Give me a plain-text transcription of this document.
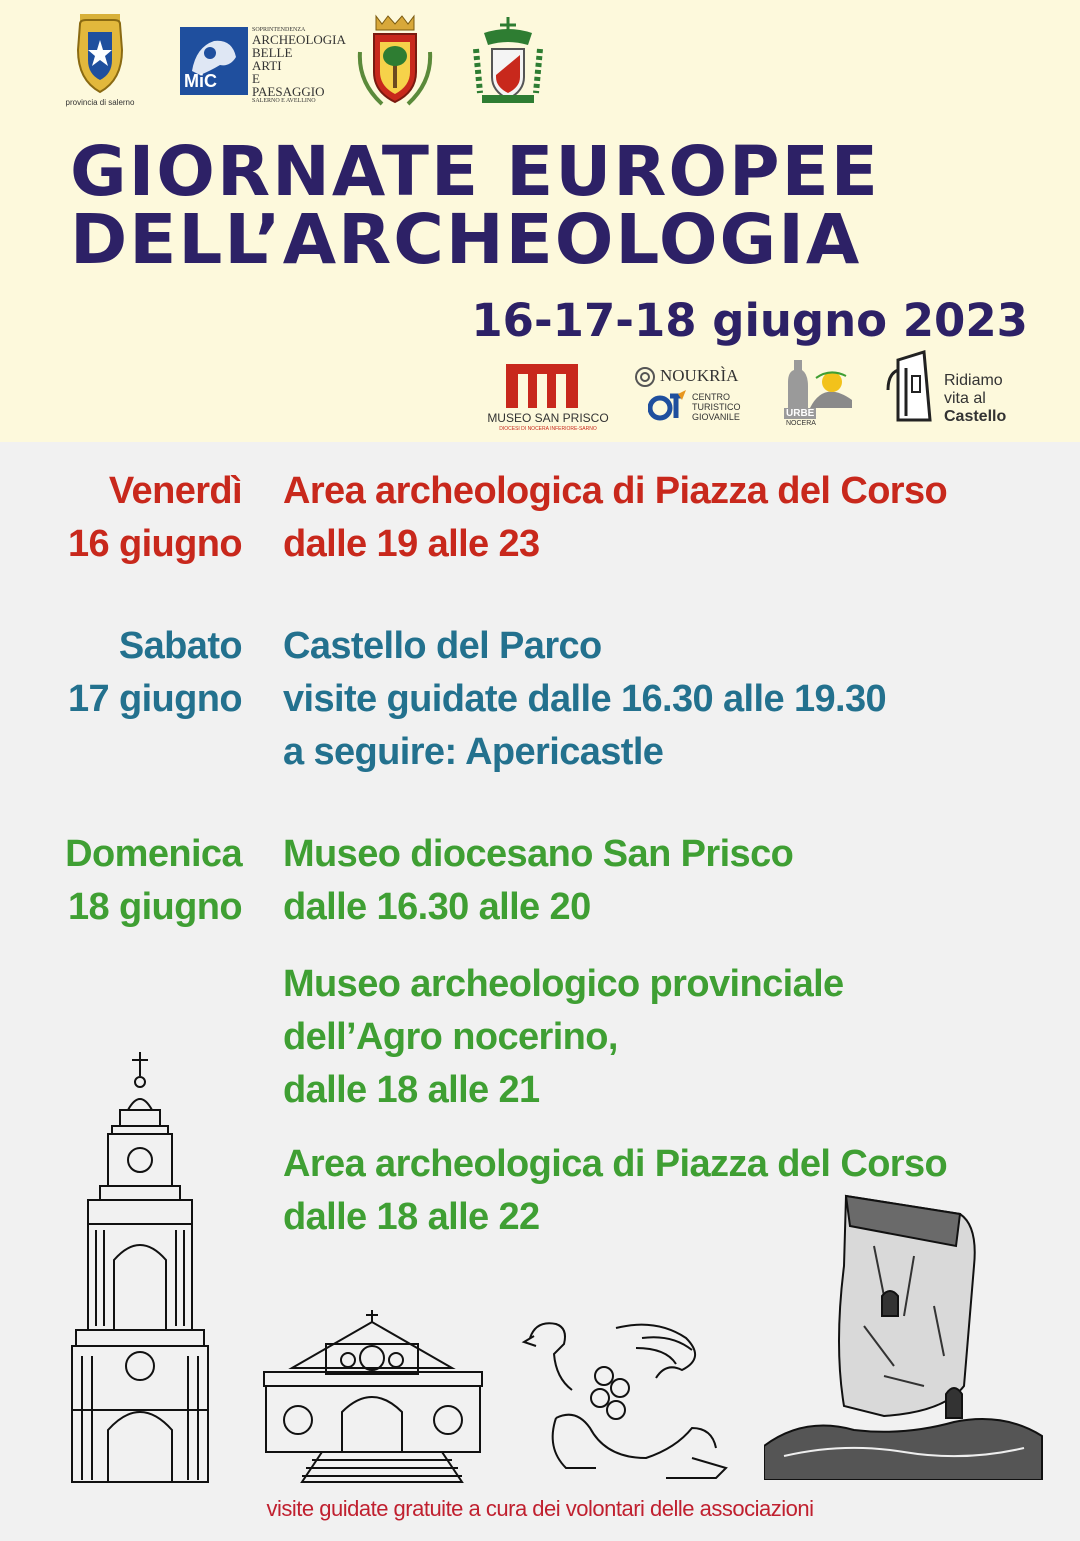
provincia di salerno
MiC
SOPRINTENDENZA
ARCHEOLOGIA
BELLE ARTI
E PAESAGGIO
SALERNO E AVELLINO
GIORNATE EUROPEE
DELL’ARCHEOLOGIA
16-17-18 giugno 2023
MUSEO SAN PRISCO
DIOCESI DI NOCERA INFERIORE-SARNO
NOUKRÌA
CENTRO
TURISTICO
GIOVANILE	URBE
NOCERA
Ridiamo
vita al
Castello
Venerdì
16 giugno
Area archeologica di Piazza del Corso
dalle 19 alle 23
Sabato
17 giugno
Castello del Parco
visite guidate dalle 16.30 alle 19.30
a seguire: Apericastle
Domenica
18 giugno
Museo diocesano San Prisco
dalle 16.30 alle 20
Museo archeologico provinciale
dell’Agro nocerino,
dalle 18 alle 21
Area archeologica di Piazza del Corso
dalle 18 alle 22
visite guidate gratuite a cura dei volontari delle associazioni
